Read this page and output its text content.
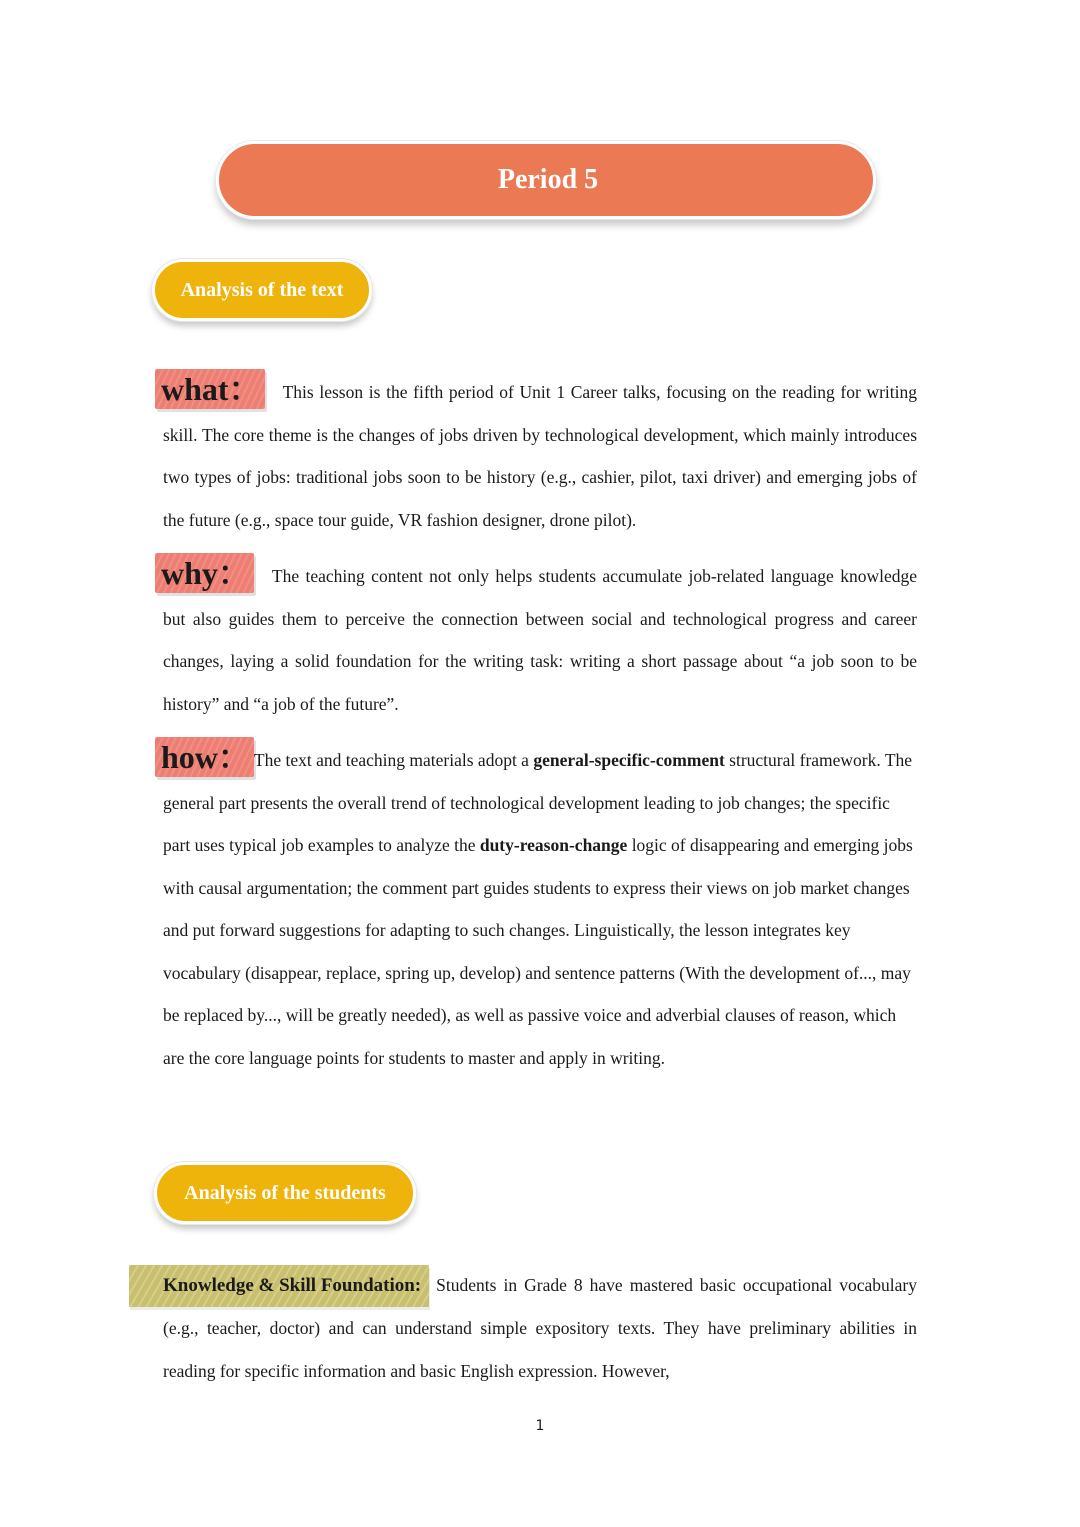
Period 5
Analysis of the text
what： This lesson is the fifth period of Unit 1 Career talks, focusing on the reading for writing skill. The core theme is the changes of jobs driven by technological development, which mainly introduces two types of jobs: traditional jobs soon to be history (e.g., cashier, pilot, taxi driver) and emerging jobs of the future (e.g., space tour guide, VR fashion designer, drone pilot).
why： The teaching content not only helps students accumulate job-related language knowledge but also guides them to perceive the connection between social and technological progress and career changes, laying a solid foundation for the writing task: writing a short passage about “a job soon to be history” and “a job of the future”.
how： The text and teaching materials adopt a general-specific-comment structural framework. The general part presents the overall trend of technological development leading to job changes; the specific part uses typical job examples to analyze the duty-reason-change logic of disappearing and emerging jobs with causal argumentation; the comment part guides students to express their views on job market changes and put forward suggestions for adapting to such changes. Linguistically, the lesson integrates key vocabulary (disappear, replace, spring up, develop) and sentence patterns (With the development of..., may be replaced by..., will be greatly needed), as well as passive voice and adverbial clauses of reason, which are the core language points for students to master and apply in writing.
Analysis of the students
Knowledge & Skill Foundation: Students in Grade 8 have mastered basic occupational vocabulary (e.g., teacher, doctor) and can understand simple expository texts. They have preliminary abilities in reading for specific information and basic English expression. However,
1
